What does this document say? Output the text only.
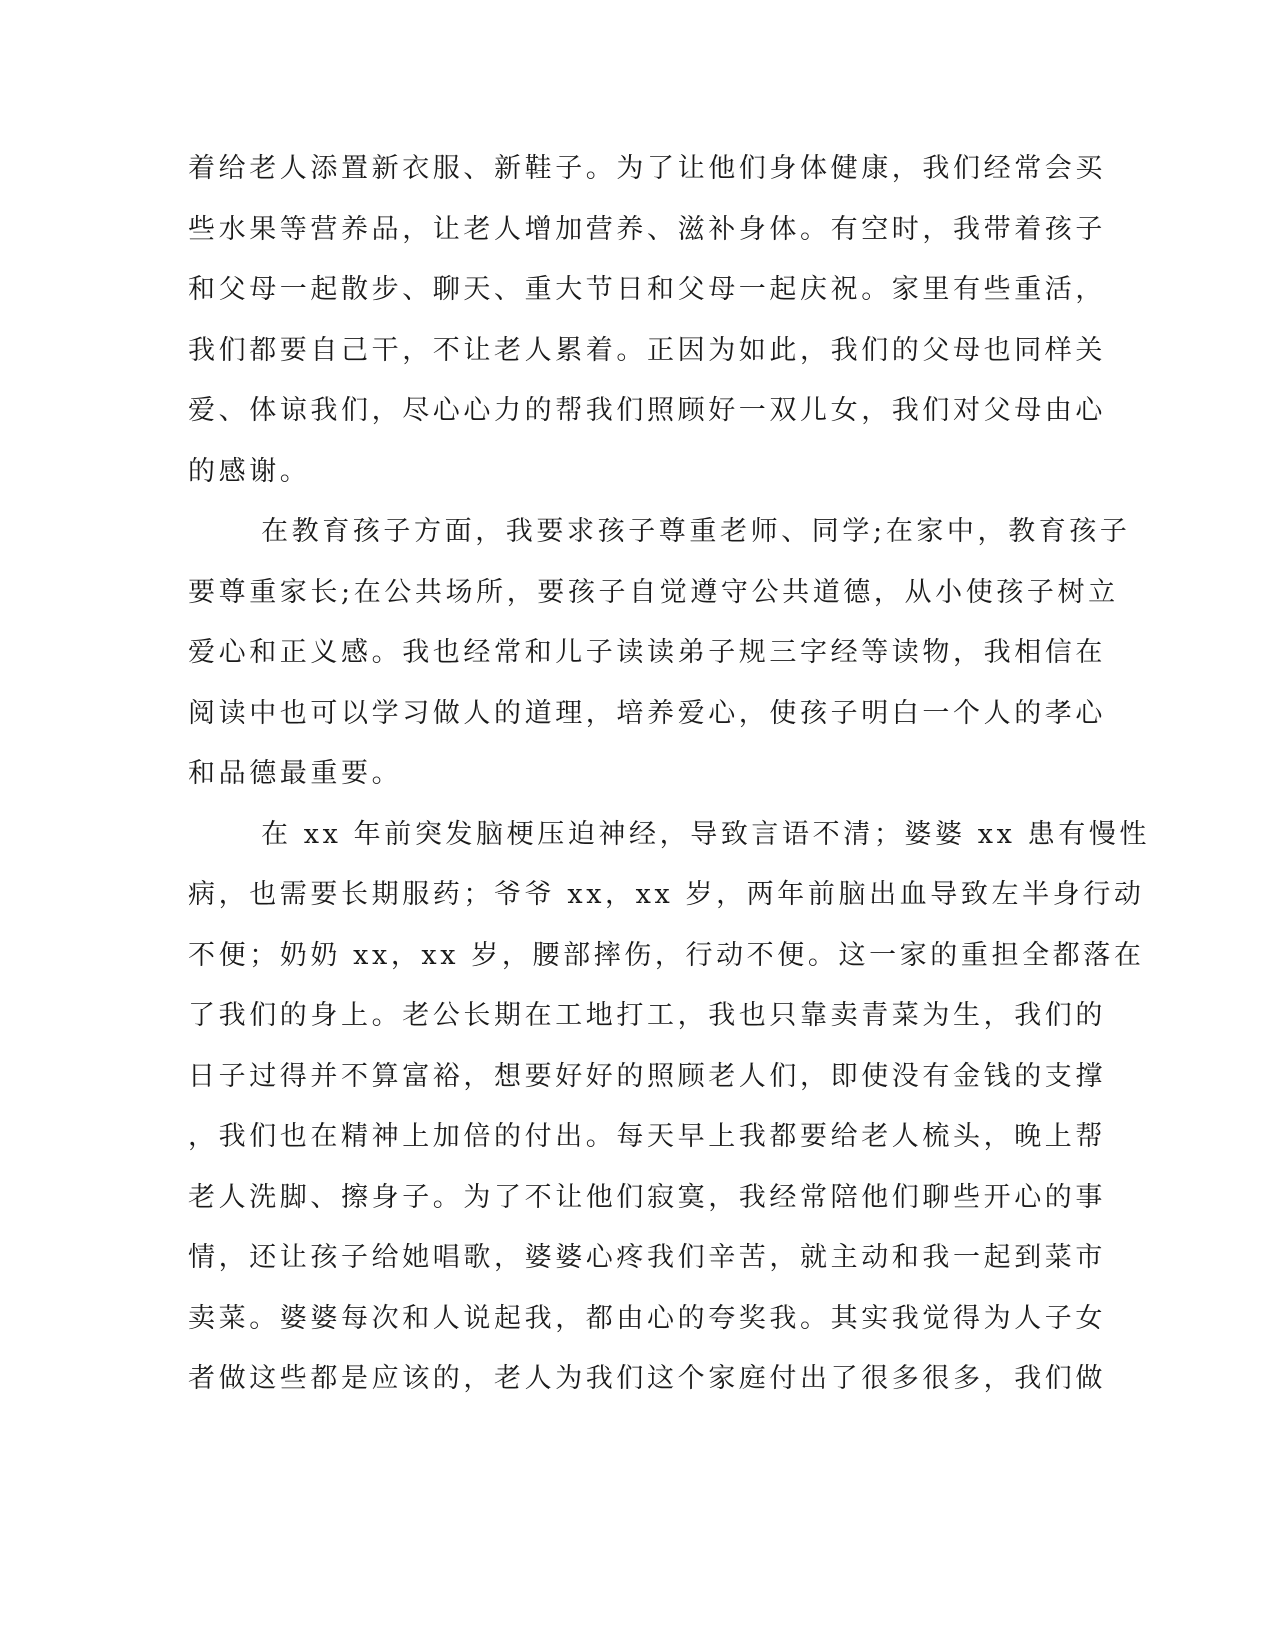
着给老人添置新衣服、新鞋子。为了让他们身体健康，我们经常会买
些水果等营养品，让老人增加营养、滋补身体。有空时，我带着孩子
和父母一起散步、聊天、重大节日和父母一起庆祝。家里有些重活，
我们都要自己干，不让老人累着。正因为如此，我们的父母也同样关
爱、体谅我们，尽心心力的帮我们照顾好一双儿女，我们对父母由心
的感谢。
在教育孩子方面，我要求孩子尊重老师、同学;在家中，教育孩子
要尊重家长;在公共场所，要孩子自觉遵守公共道德，从小使孩子树立
爱心和正义感。我也经常和儿子读读弟子规三字经等读物，我相信在
阅读中也可以学习做人的道理，培养爱心，使孩子明白一个人的孝心
和品德最重要。
在 xx 年前突发脑梗压迫神经，导致言语不清；婆婆 xx 患有慢性
病，也需要长期服药；爷爷 xx，xx 岁，两年前脑出血导致左半身行动
不便；奶奶 xx，xx 岁，腰部摔伤，行动不便。这一家的重担全都落在
了我们的身上。老公长期在工地打工，我也只靠卖青菜为生，我们的
日子过得并不算富裕，想要好好的照顾老人们，即使没有金钱的支撑
，我们也在精神上加倍的付出。每天早上我都要给老人梳头，晚上帮
老人洗脚、擦身子。为了不让他们寂寞，我经常陪他们聊些开心的事
情，还让孩子给她唱歌，婆婆心疼我们辛苦，就主动和我一起到菜市
卖菜。婆婆每次和人说起我，都由心的夸奖我。其实我觉得为人子女
者做这些都是应该的，老人为我们这个家庭付出了很多很多，我们做
